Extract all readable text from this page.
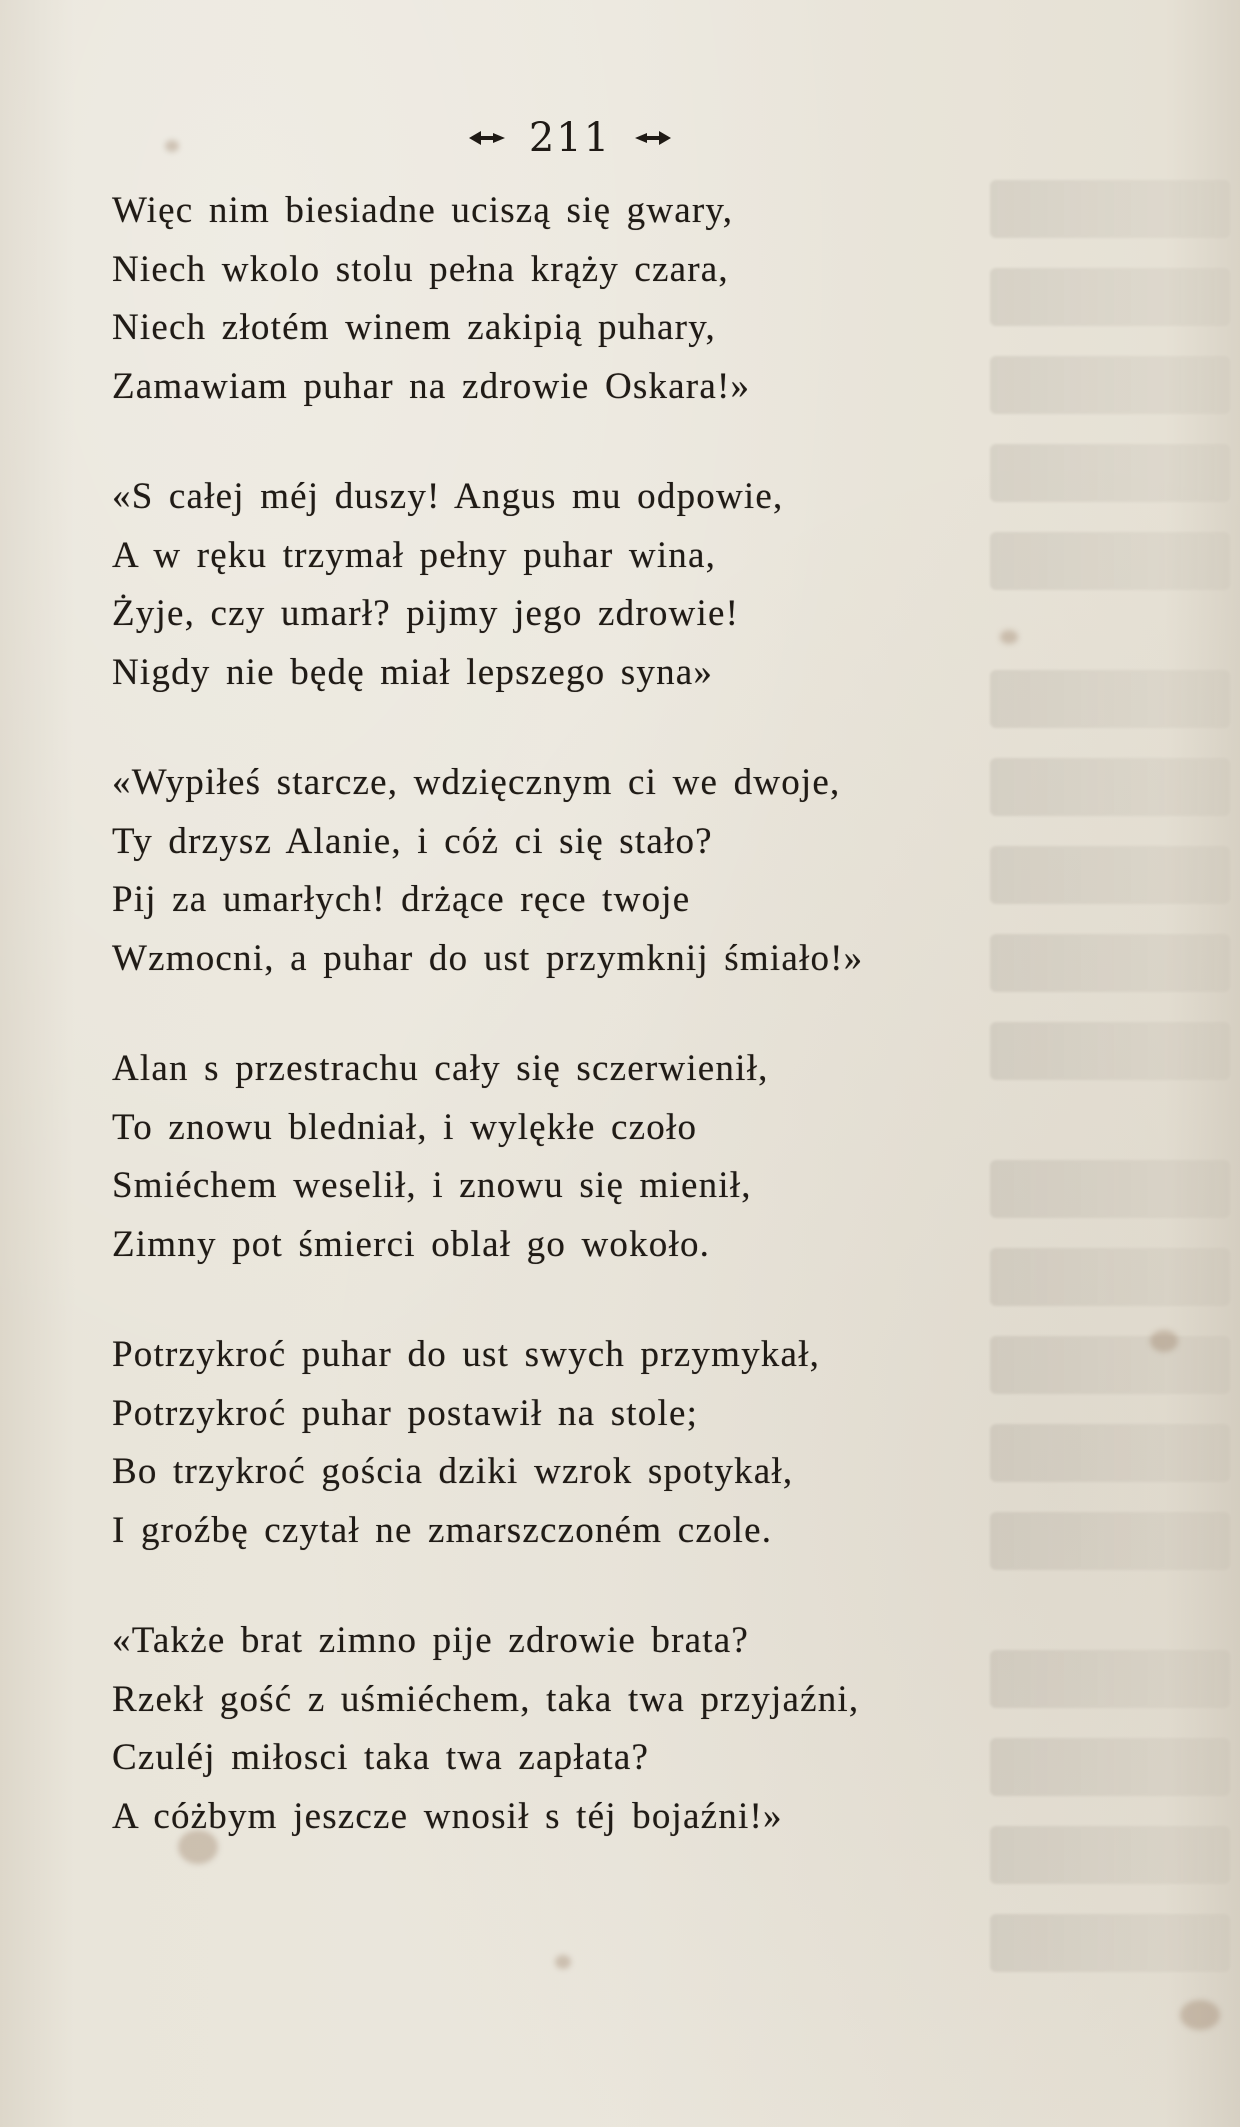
211
Więc nim biesiadne uciszą się gwary,
Niech wkolo stolu pełna krąży czara,
Niech złotém winem zakipią puhary,
Zamawiam puhar na zdrowie Oskara!»
«S całej méj duszy! Angus mu odpowie,
A w ręku trzymał pełny puhar wina,
Żyje, czy umarł? pijmy jego zdrowie!
Nigdy nie będę miał lepszego syna»
«Wypiłeś starcze, wdzięcznym ci we dwoje,
Ty drzysz Alanie, i cóż ci się stało?
Pij za umarłych! drżące ręce twoje
Wzmocni, a puhar do ust przymknij śmiało!»
Alan s przestrachu cały się sczerwienił,
To znowu bledniał, i wylękłe czoło
Smiéchem weselił, i znowu się mienił,
Zimny pot śmierci oblał go wokoło.
Potrzykroć puhar do ust swych przymykał,
Potrzykroć puhar postawił na stole;
Bo trzykroć gościa dziki wzrok spotykał,
I groźbę czytał ne zmarszczoném czole.
«Także brat zimno pije zdrowie brata?
Rzekł gość z uśmiéchem, taka twa przyjaźni,
Czuléj miłosci taka twa zapłata?
A cóżbym jeszcze wnosił s téj bojaźni!»
